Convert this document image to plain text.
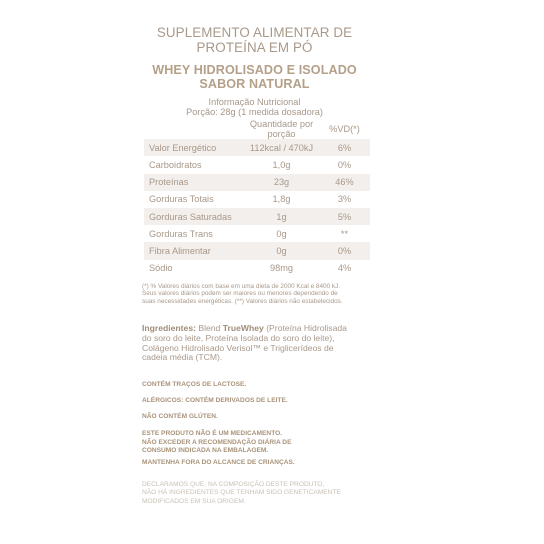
SUPLEMENTO ALIMENTAR DE
PROTEÍNA EM PÓ
WHEY HIDROLISADO E ISOLADO
SABOR NATURAL
Informação Nutricional
Porção: 28g (1 medida dosadora)
	Quantidade por porção	%VD(*)
Valor Energético	112kcal / 470kJ	6%
Carboidratos	1,0g	0%
Proteínas	23g	46%
Gorduras Totais	1,8g	3%
Gorduras Saturadas	1g	5%
Gorduras Trans	0g	**
Fibra Alimentar	0g	0%
Sódio	98mg	4%
(*) % Valores diários com base em uma dieta de 2000 Kcal e 8400 kJ.
Seus valores diários podem ser maiores ou menores dependendo de
suas necessidades energéticas. (**) Valores diários não estabelecidos.
Ingredientes: Blend TrueWhey (Proteína Hidrolisada
do soro do leite, Proteína Isolada do soro do leite),
Colágeno Hidrolisado Verisol™ e Triglicerídeos de
cadeia média (TCM).
CONTÉM TRAÇOS DE LACTOSE.
ALÉRGICOS: CONTÉM DERIVADOS DE LEITE.
NÃO CONTÉM GLÚTEN.
ESTE PRODUTO NÃO É UM MEDICAMENTO.
NÃO EXCEDER A RECOMENDAÇÃO DIÁRIA DE
CONSUMO INDICADA NA EMBALAGEM.
MANTENHA FORA DO ALCANCE DE CRIANÇAS.
DECLARAMOS QUE, NA COMPOSIÇÃO DESTE PRODUTO,
NÃO HÁ INGREDIENTES QUE TENHAM SIDO GENETICAMENTE
MODIFICADOS EM SUA ORIGEM.
